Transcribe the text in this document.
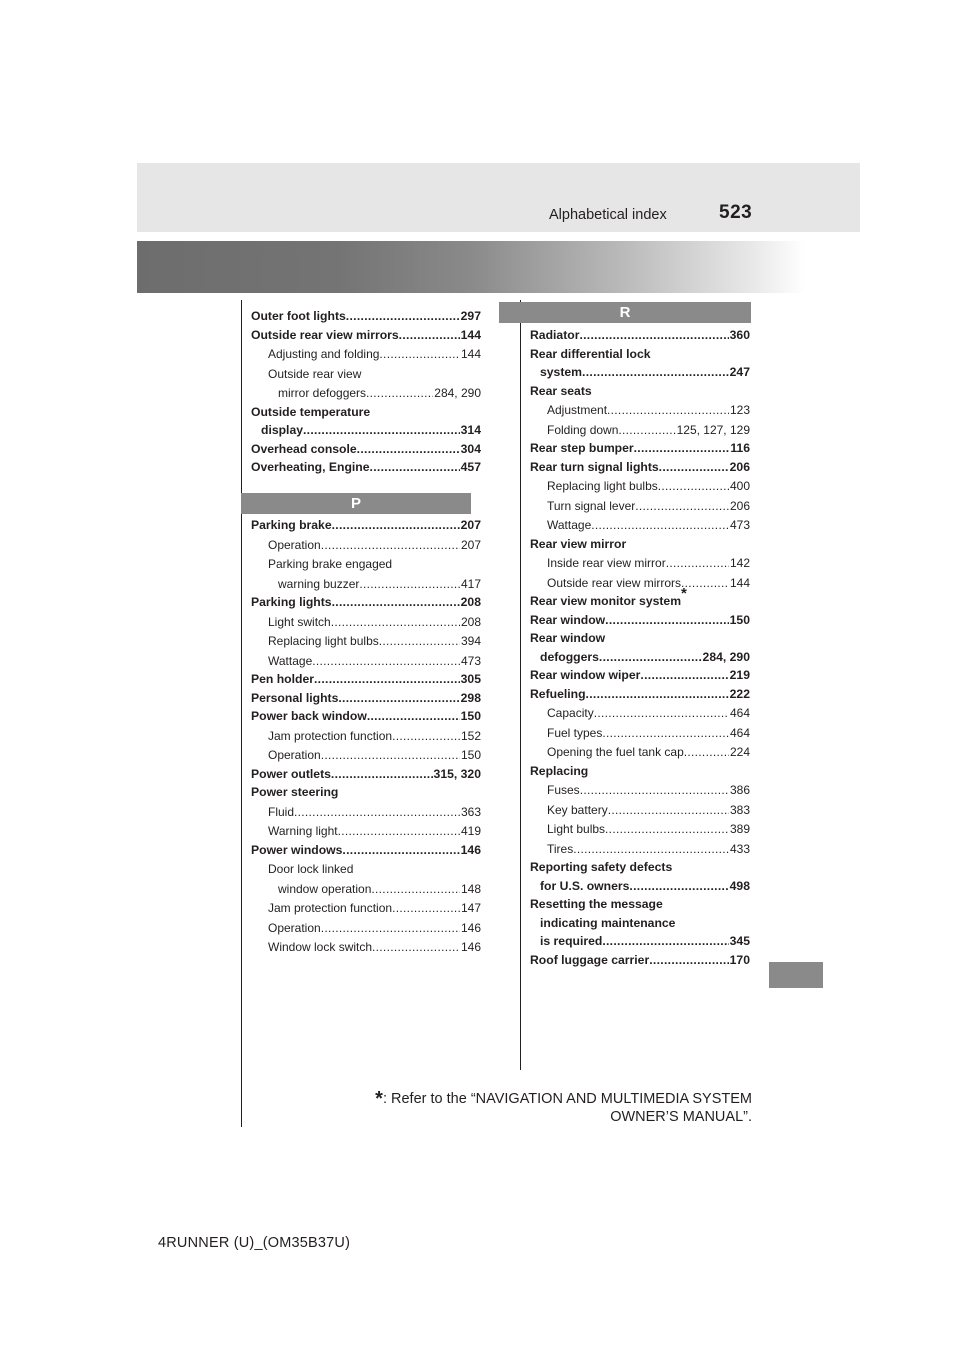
Alphabetical index	523
Outer foot lights .....	297
Outside rear view mirrors .....	144
Adjusting and folding .....	144
Outside rear view
mirror defoggers .....	284, 290
Outside temperature
display .....	314
Overhead console .....	304
Overheating, Engine .....	457
P
Parking brake .....	207
Operation .....	207
Parking brake engaged
warning buzzer .....	417
Parking lights .....	208
Light switch .....	208
Replacing light bulbs .....	394
Wattage .....	473
Pen holder .....	305
Personal lights .....	298
Power back window .....	150
Jam protection function .....	152
Operation .....	150
Power outlets .....	315, 320
Power steering
Fluid .....	363
Warning light .....	419
Power windows .....	146
Door lock linked
window operation .....	148
Jam protection function .....	147
Operation .....	146
Window lock switch .....	146
R
Radiator .....	360
Rear differential lock
system .....	247
Rear seats
Adjustment .....	123
Folding down .....	125, 127, 129
Rear step bumper .....	116
Rear turn signal lights .....	206
Replacing light bulbs .....	400
Turn signal lever .....	206
Wattage .....	473
Rear view mirror
Inside rear view mirror .....	142
Outside rear view mirrors .....	144
Rear view monitor system*
Rear window .....	150
Rear window
defoggers .....	284, 290
Rear window wiper .....	219
Refueling .....	222
Capacity .....	464
Fuel types .....	464
Opening the fuel tank cap .....	224
Replacing
Fuses .....	386
Key battery .....	383
Light bulbs .....	389
Tires .....	433
Reporting safety defects
for U.S. owners .....	498
Resetting the message
indicating maintenance
is required .....	345
Roof luggage carrier .....	170
*: Refer to the “NAVIGATION AND MULTIMEDIA SYSTEM
OWNER’S MANUAL”.
4RUNNER (U)_(OM35B37U)
